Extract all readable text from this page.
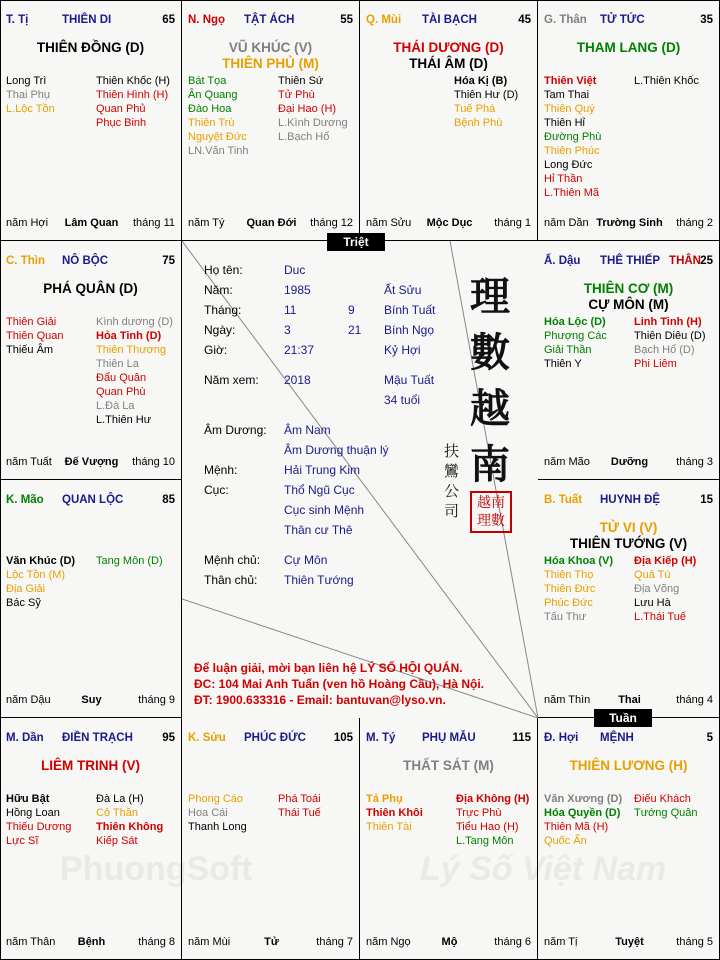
PhuongSoft	Lý Số Việt Nam
T. Tị	THIÊN DI	65
THIÊN ĐỒNG (D)
Long Trì
Thai Phụ
L.Lộc Tồn
Thiên Khốc (H)
Thiên Hình (H)
Quan Phủ
Phục Binh
năm Hợi	Lâm Quan	tháng 11
N. Ngọ TẬT ÁCH	55
VŨ KHÚC (V)
THIÊN PHỦ (M)
Bát Tọa
Ân Quang
Đào Hoa
Thiên Trù
Nguyệt Đức
LN.Văn Tinh
Thiên Sứ
Tử Phù
Đại Hao (H)
L.Kình Dương
L.Bạch Hổ
năm Tý	Quan Đới	tháng 12
Q. Mùi TÀI BẠCH	45
THÁI DƯƠNG (D)
THÁI ÂM (D)
Hóa Kị (B)
Thiên Hư (D)
Tuế Phá
Bệnh Phù
năm Sửu	Mộc Dục	tháng 1
G. Thân TỬ TỨC	35
THAM LANG (D)
Thiên Việt
Tam Thai
Thiên Quý
Thiên Hỉ
Đường Phù
Thiên Phúc
Long Đức
Hỉ Thần
L.Thiên Mã
L.Thiên Khốc
năm Dần Trường Sinh	tháng 2
C. Thìn NÔ BỘC	75
PHÁ QUÂN (D)
Thiên Giải
Thiên Quan
Thiếu Âm
Kình dương (D)
Hỏa Tinh (D)
Thiên Thương
Thiên La
Đẩu Quân
Quan Phù
L.Đà La
L.Thiên Hư
năm Tuất	Đế Vượng	tháng 10
Ấ. Dậu THÊ THIẾP THÂN 25
THIÊN CƠ (M)
CỰ MÔN (M)
Hóa Lộc (D)
Phượng Các
Giải Thần
Thiên Y
Linh Tinh (H)
Thiên Diêu (D)
Bạch Hổ (D)
Phi Liêm
năm Mão	Dưỡng	tháng 3
K. Mão QUAN LỘC	85
Văn Khúc (D)
Lộc Tồn (M)
Địa Giải
Bác Sỹ
Tang Môn (D)
năm Dậu	Suy	tháng 9
B. Tuất HUYNH ĐỆ	15
TỬ VI (V)
THIÊN TƯỚNG (V)
Hóa Khoa (V)
Thiên Thọ
Thiên Đức
Phúc Đức
Tấu Thư
Địa Kiếp (H)
Quả Tú
Địa Võng
Lưu Hà
L.Thái Tuế
năm Thìn	Thai	tháng 4
M. Dần ĐIỀN TRẠCH	95
LIÊM TRINH (V)
Hữu Bật
Hồng Loan
Thiếu Dương
Lực Sĩ
Đà La (H)
Cô Thần
Thiên Không
Kiếp Sát
năm Thân	Bệnh	tháng 8
K. Sửu PHÚC ĐỨC 105
Phong Cáo
Hoa Cái
Thanh Long
Phá Toái
Thái Tuế
năm Mùi	Tử	tháng 7
M. Tý PHỤ MẪU	115
THẤT SÁT (M)
Tả Phụ
Thiên Khôi
Thiên Tài
Địa Không (H)
Trực Phù
Tiểu Hao (H)
L.Tang Môn
năm Ngọ	Mộ	tháng 6
Đ. Hợi MỆNH	5
THIÊN LƯƠNG (H)
Văn Xương (D)
Hóa Quyền (D)
Thiên Mã (H)
Quốc Ấn
Điếu Khách
Tướng Quân
năm Tị	Tuyệt	tháng 5
Họ tên:	Duc
Năm:	1985	Ất Sửu
Tháng:	11	9 Bính Tuất
Ngày:	3	21 Bính Ngọ
Giờ:	21:37	Kỷ Hợi
Năm xem: 2018	Mậu Tuất
34 tuổi
Âm Dương: Âm Nam
Âm Dương thuận lý
Mệnh:	Hải Trung Kim
Cục:	Thổ Ngũ Cục
Cục sinh Mệnh
Thân cư Thê
Mệnh chủ: Cự Môn
Thân chủ: Thiên Tướng
理數越南
扶鸞公司	越南理數
Để luận giải, mời bạn liên hệ LÝ SỐ HỘI QUÁN.
ĐC: 104 Mai Anh Tuấn (ven hồ Hoàng Cầu), Hà Nội.
ĐT: 1900.633316 - Email: bantuvan@lyso.vn.
Triệt
Tuần
